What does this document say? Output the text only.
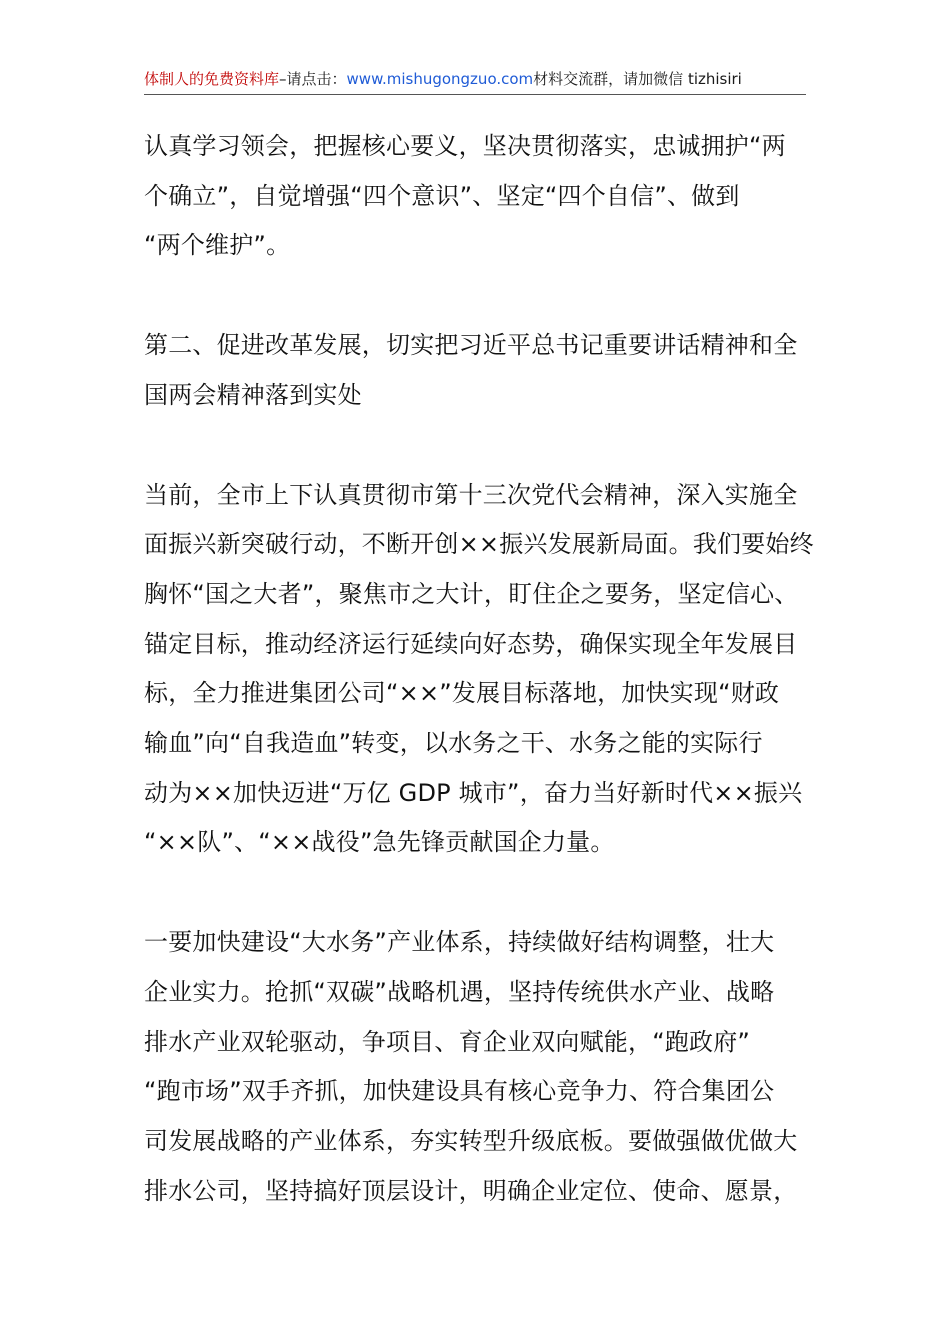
体制人的免费资料库–请点击：www.mishugongzuo.com材料交流群，请加微信 tizhisiri

认真学习领会，把握核心要义，坚决贯彻落实，忠诚拥护“两
个确立”，自觉增强“四个意识”、坚定“四个自信”、做到
“两个维护”。

第二、促进改革发展，切实把习近平总书记重要讲话精神和全
国两会精神落到实处

当前，全市上下认真贯彻市第十三次党代会精神，深入实施全
面振兴新突破行动，不断开创××振兴发展新局面。我们要始终
胸怀“国之大者”，聚焦市之大计，盯住企之要务，坚定信心、
锚定目标，推动经济运行延续向好态势，确保实现全年发展目
标，全力推进集团公司“××”发展目标落地，加快实现“财政
输血”向“自我造血”转变，以水务之干、水务之能的实际行
动为××加快迈进“万亿 GDP 城市”，奋力当好新时代××振兴
“××队”、“××战役”急先锋贡献国企力量。

一要加快建设“大水务”产业体系，持续做好结构调整，壮大
企业实力。抢抓“双碳”战略机遇，坚持传统供水产业、战略
排水产业双轮驱动，争项目、育企业双向赋能，“跑政府”
“跑市场”双手齐抓，加快建设具有核心竞争力、符合集团公
司发展战略的产业体系，夯实转型升级底板。要做强做优做大
排水公司，坚持搞好顶层设计，明确企业定位、使命、愿景，
